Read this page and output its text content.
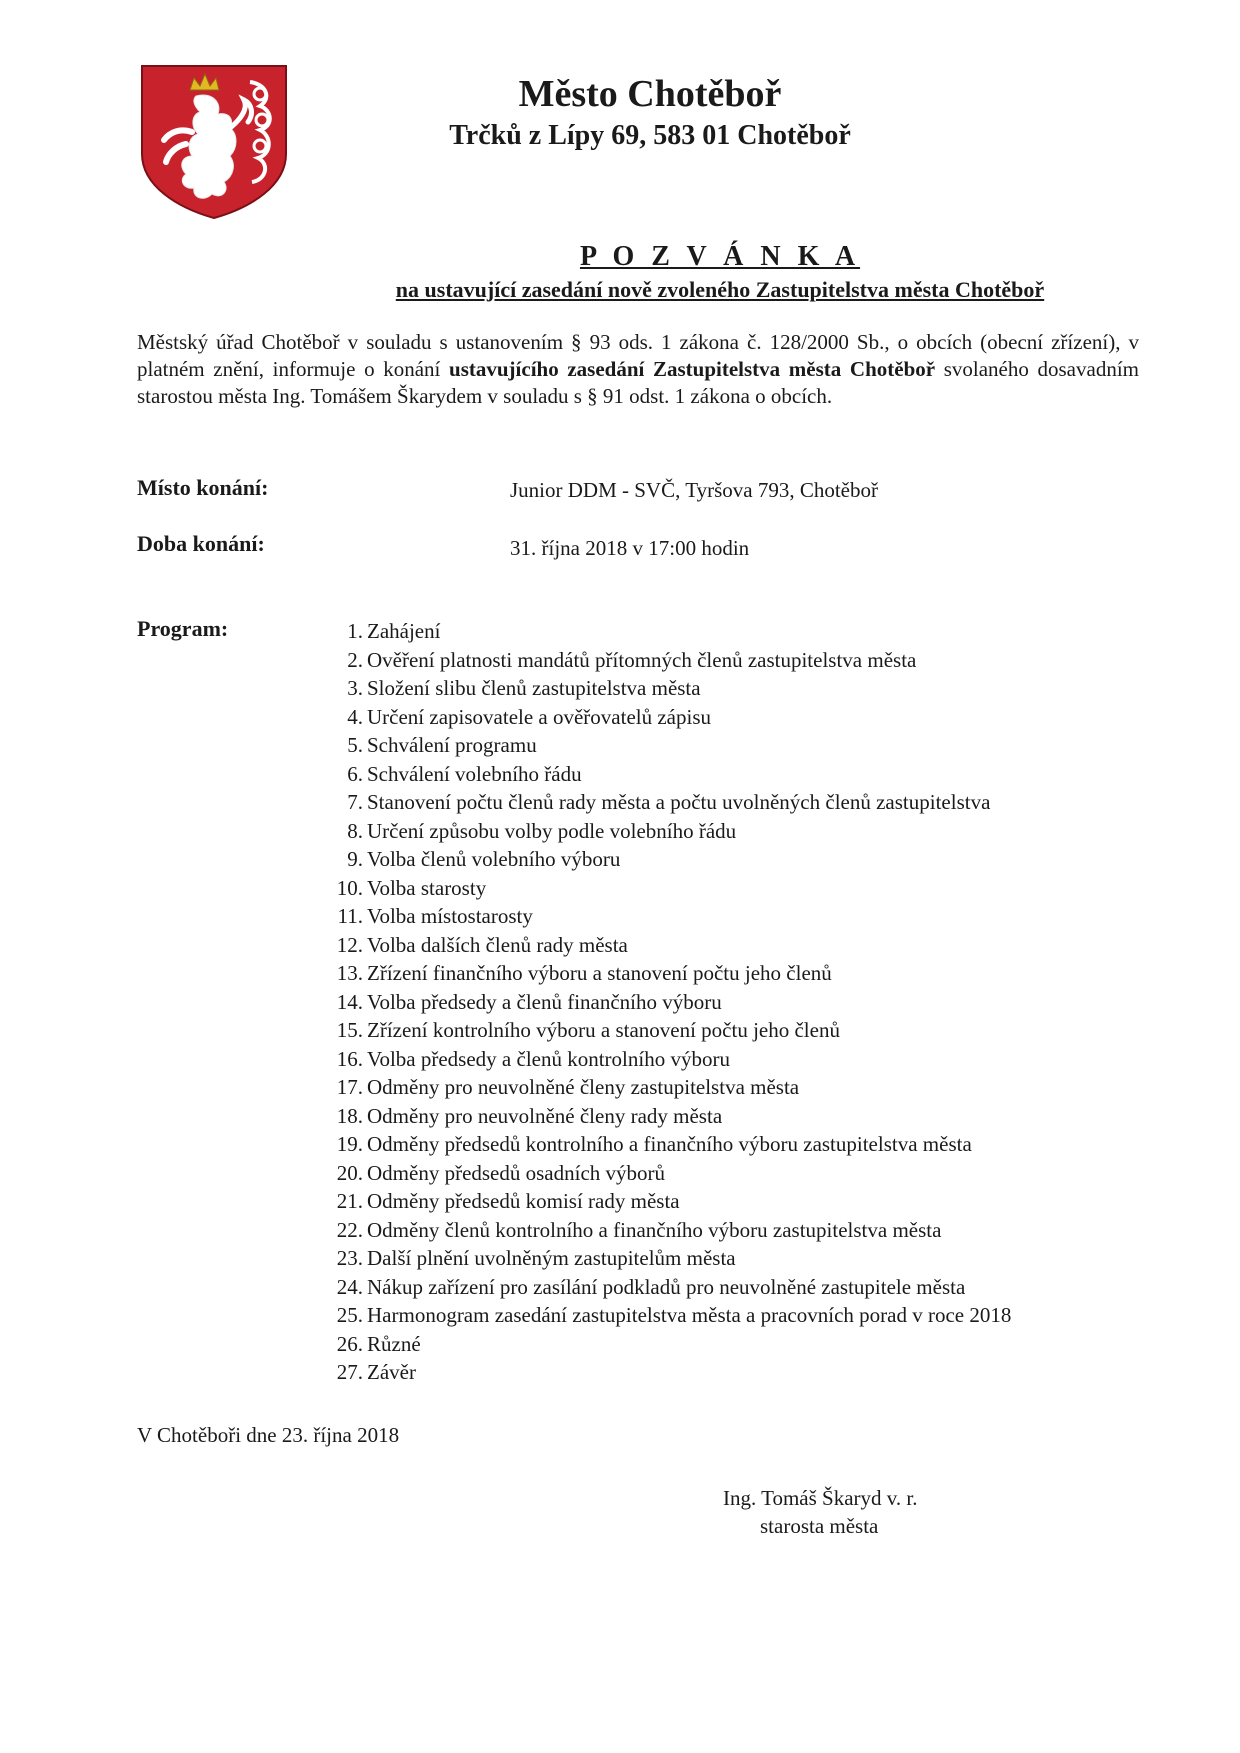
Město Chotěboř
Trčků z Lípy 69, 583 01 Chotěboř
P O Z V Á N K A
na ustavující zasedání nově zvoleného Zastupitelstva města Chotěboř

Městský úřad Chotěboř v souladu s ustanovením § 93 ods. 1 zákona č. 128/2000 Sb., o obcích (obecní zřízení), v platném znění, informuje o konání ustavujícího zasedání Zastupitelstva města Chotěboř svolaného dosavadním starostou města Ing. Tomášem Škarydem v souladu s § 91 odst. 1 zákona o obcích.

Místo konání:	Junior DDM - SVČ, Tyršova 793, Chotěboř
Doba konání:	31. října 2018 v 17:00 hodin
Program:	1. Zahájení
2. Ověření platnosti mandátů přítomných členů zastupitelstva města
3. Složení slibu členů zastupitelstva města
4. Určení zapisovatele a ověřovatelů zápisu
5. Schválení programu
6. Schválení volebního řádu
7. Stanovení počtu členů rady města a počtu uvolněných členů zastupitelstva
8. Určení způsobu volby podle volebního řádu
9. Volba členů volebního výboru
10. Volba starosty
11. Volba místostarosty
12. Volba dalších členů rady města
13. Zřízení finančního výboru a stanovení počtu jeho členů
14. Volba předsedy a členů finančního výboru
15. Zřízení kontrolního výboru a stanovení počtu jeho členů
16. Volba předsedy a členů kontrolního výboru
17. Odměny pro neuvolněné členy zastupitelstva města
18. Odměny pro neuvolněné členy rady města
19. Odměny předsedů kontrolního a finančního výboru zastupitelstva města
20. Odměny předsedů osadních výborů
21. Odměny předsedů komisí rady města
22. Odměny členů kontrolního a finančního výboru zastupitelstva města
23. Další plnění uvolněným zastupitelům města
24. Nákup zařízení pro zasílání podkladů pro neuvolněné zastupitele města
25. Harmonogram zasedání zastupitelstva města a pracovních porad v roce 2018
26. Různé
27. Závěr
V Chotěboři dne 23. října 2018
Ing. Tomáš Škaryd v. r.
starosta města
